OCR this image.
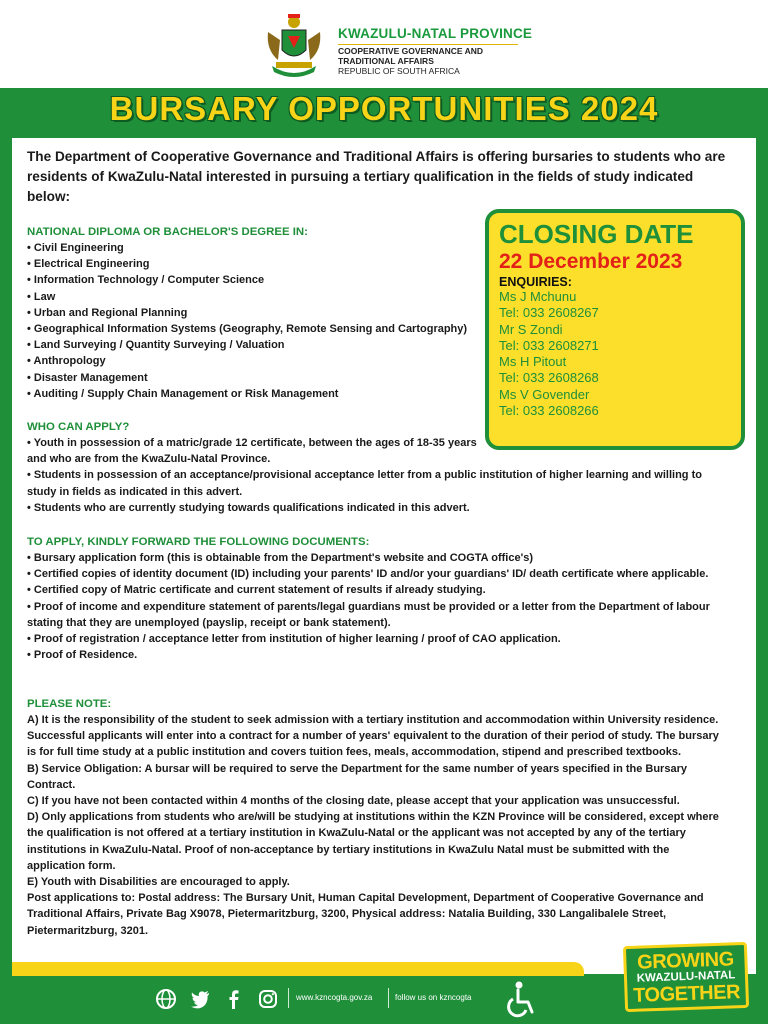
KWAZULU-NATAL PROVINCE
COOPERATIVE GOVERNANCE AND
TRADITIONAL AFFAIRS
REPUBLIC OF SOUTH AFRICA
BURSARY OPPORTUNITIES 2024
The Department of Cooperative Governance and Traditional Affairs is offering bursaries to students who are residents of KwaZulu-Natal interested in pursuing a tertiary qualification in the fields of study indicated below:
NATIONAL DIPLOMA OR BACHELOR'S DEGREE IN:
• Civil Engineering
• Electrical Engineering
• Information Technology / Computer Science
• Law
• Urban and Regional Planning
• Geographical Information Systems (Geography, Remote Sensing and Cartography)
• Land Surveying / Quantity Surveying / Valuation
• Anthropology
• Disaster Management
• Auditing / Supply Chain Management or Risk Management
WHO CAN APPLY?
• Youth in possession of a matric/grade 12 certificate, between the ages of 18-35 years and who are from the KwaZulu-Natal Province.
• Students in possession of an acceptance/provisional acceptance letter from a public institution of higher learning and willing to study in fields as indicated in this advert.
• Students who are currently studying towards qualifications indicated in this advert.
TO APPLY, KINDLY FORWARD THE FOLLOWING DOCUMENTS:
• Bursary application form (this is obtainable from the Department's website and COGTA office's)
• Certified copies of identity document (ID) including your parents' ID and/or your guardians' ID/ death certificate where applicable.
• Certified copy of Matric certificate and current statement of results if already studying.
• Proof of income and expenditure statement of parents/legal guardians must be provided or a letter from the Department of labour stating that they are unemployed (payslip, receipt or bank statement).
• Proof of registration / acceptance letter from institution of higher learning / proof of CAO application.
• Proof of Residence.
PLEASE NOTE:
A) It is the responsibility of the student to seek admission with a tertiary institution and accommodation within University residence. Successful applicants will enter into a contract for a number of years' equivalent to the duration of their period of study. The bursary is for full time study at a public institution and covers tuition fees, meals, accommodation, stipend and prescribed textbooks.
B) Service Obligation: A bursar will be required to serve the Department for the same number of years specified in the Bursary Contract.
C) If you have not been contacted within 4 months of the closing date, please accept that your application was unsuccessful.
D) Only applications from students who are/will be studying at institutions within the KZN Province will be considered, except where the qualification is not offered at a tertiary institution in KwaZulu-Natal or the applicant was not accepted by any of the tertiary institutions in KwaZulu-Natal. Proof of non-acceptance by tertiary institutions in KwaZulu Natal must be submitted with the application form.
E) Youth with Disabilities are encouraged to apply.
Post applications to: Postal address: The Bursary Unit, Human Capital Development, Department of Cooperative Governance and Traditional Affairs, Private Bag X9078, Pietermaritzburg, 3200, Physical address: Natalia Building, 330 Langalibalele Street, Pietermaritzburg, 3201.
CLOSING DATE
22 December 2023
ENQUIRIES:
Ms J Mchunu
Tel: 033 2608267
Mr S Zondi
Tel: 033 2608271
Ms H Pitout
Tel: 033 2608268
Ms V Govender
Tel: 033 2608266
www.kzncogta.gov.za	follow us on kzncogta
GROWING
KWAZULU-NATAL
TOGETHER
